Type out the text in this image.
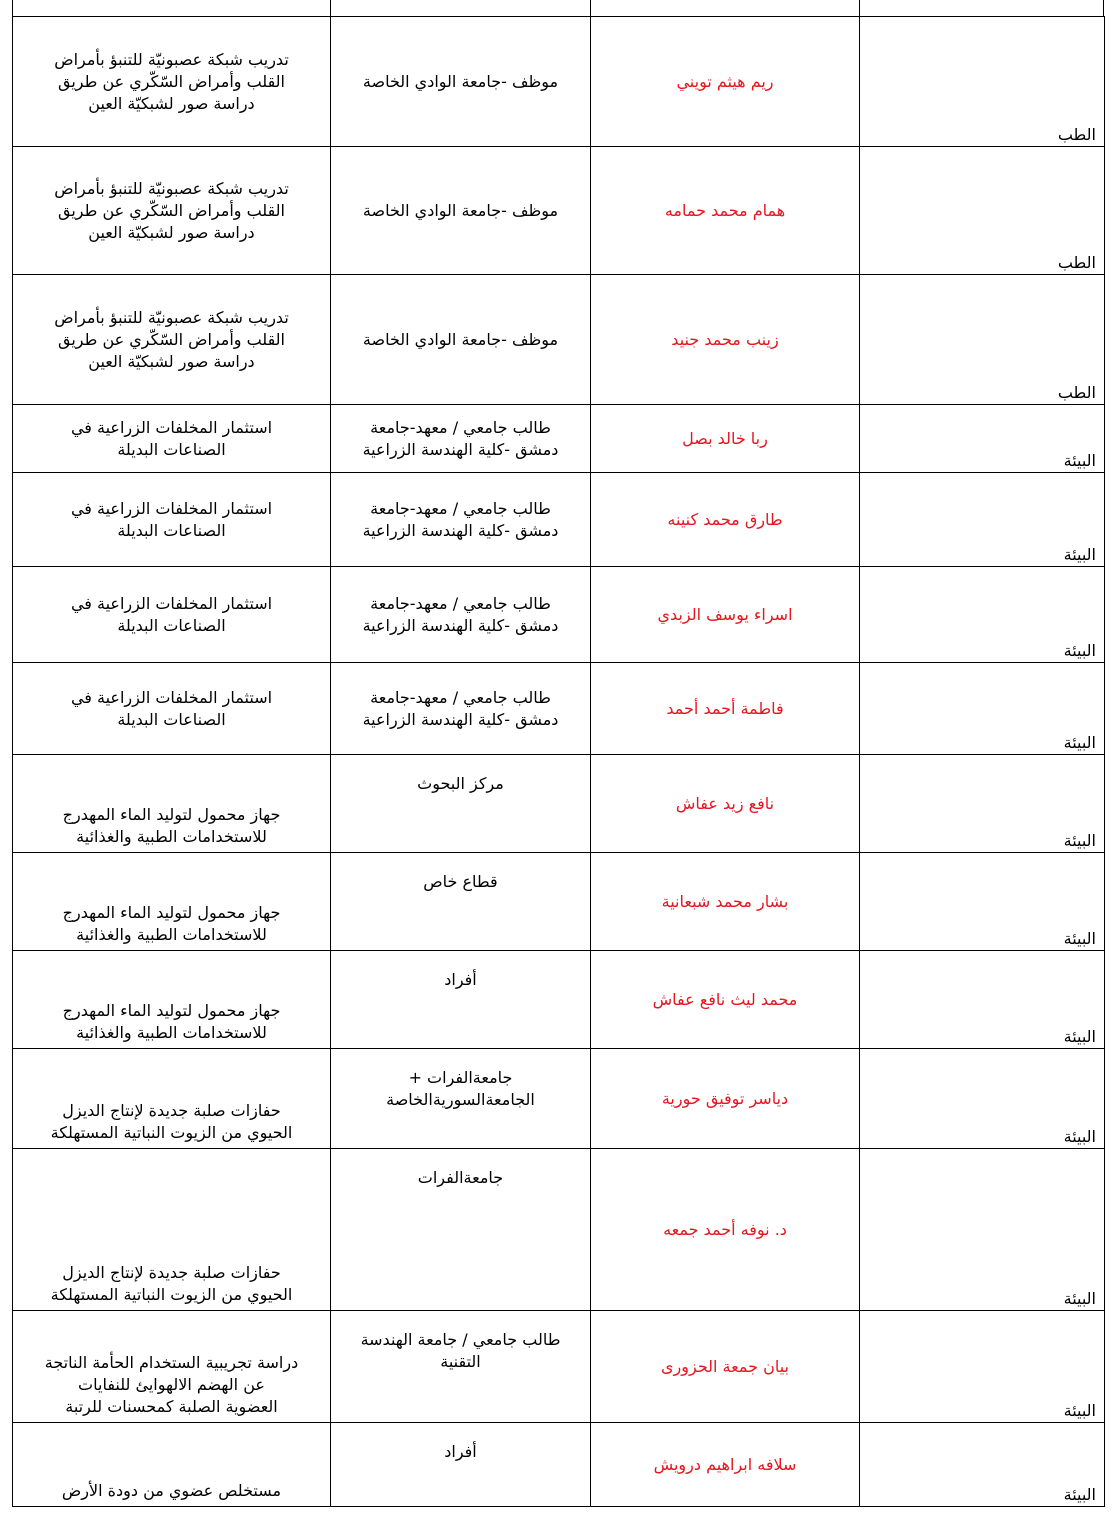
الطب	ريم هيثم تويني	موظف -جامعة الوادي الخاصة	تدريب شبكة عصبونيّة للتنبؤ بأمراض
القلب وأمراض السّكّري عن طريق
دراسة صور لشبكيّة العين

الطب	همام محمد حمامه	موظف -جامعة الوادي الخاصة	تدريب شبكة عصبونيّة للتنبؤ بأمراض
القلب وأمراض السّكّري عن طريق
دراسة صور لشبكيّة العين

الطب	زينب محمد جنيد	موظف -جامعة الوادي الخاصة	تدريب شبكة عصبونيّة للتنبؤ بأمراض
القلب وأمراض السّكّري عن طريق
دراسة صور لشبكيّة العين

البيئة	ربا خالد بصل	طالب جامعي / معهد-جامعة
دمشق -كلية الهندسة الزراعية	استثمار المخلفات الزراعية في
الصناعات البديلة

البيئة	طارق محمد كنينه	طالب جامعي / معهد-جامعة
دمشق -كلية الهندسة الزراعية	استثمار المخلفات الزراعية في
الصناعات البديلة

البيئة	اسراء يوسف الزبدي	طالب جامعي / معهد-جامعة
دمشق -كلية الهندسة الزراعية	استثمار المخلفات الزراعية في
الصناعات البديلة

البيئة	فاطمة أحمد أحمد	طالب جامعي / معهد-جامعة
دمشق -كلية الهندسة الزراعية	استثمار المخلفات الزراعية في
الصناعات البديلة

البيئة	نافع زيد عفاش	مركز البحوث	جهاز محمول لتوليد الماء المهدرج
للاستخدامات الطبية والغذائية

البيئة	بشار محمد شبعانية	قطاع خاص	جهاز محمول لتوليد الماء المهدرج
للاستخدامات الطبية والغذائية

البيئة	محمد ليث نافع عفاش	أفراد	جهاز محمول لتوليد الماء المهدرج
للاستخدامات الطبية والغذائية

البيئة	دياسر توفيق حورية	جامعةالفرات +
الجامعةالسوريةالخاصة	حفازات صلبة جديدة لإنتاج الديزل
الحيوي من الزيوت النباتية المستهلكة

البيئة	د. نوفه أحمد جمعه	جامعةالفرات	حفازات صلبة جديدة لإنتاج الديزل
الحيوي من الزيوت النباتية المستهلكة

البيئة	بيان جمعة الحزورى	طالب جامعي / جامعة الهندسة
التقنية	دراسة تجريبية الستخدام الحأمة الناتجة
عن الهضم الالهوايئ للنفايات
العضوية الصلبة كمحسنات للرتبة

البيئة	سلافه ابراهيم درويش	أفراد	مستخلص عضوي من دودة الأرض
